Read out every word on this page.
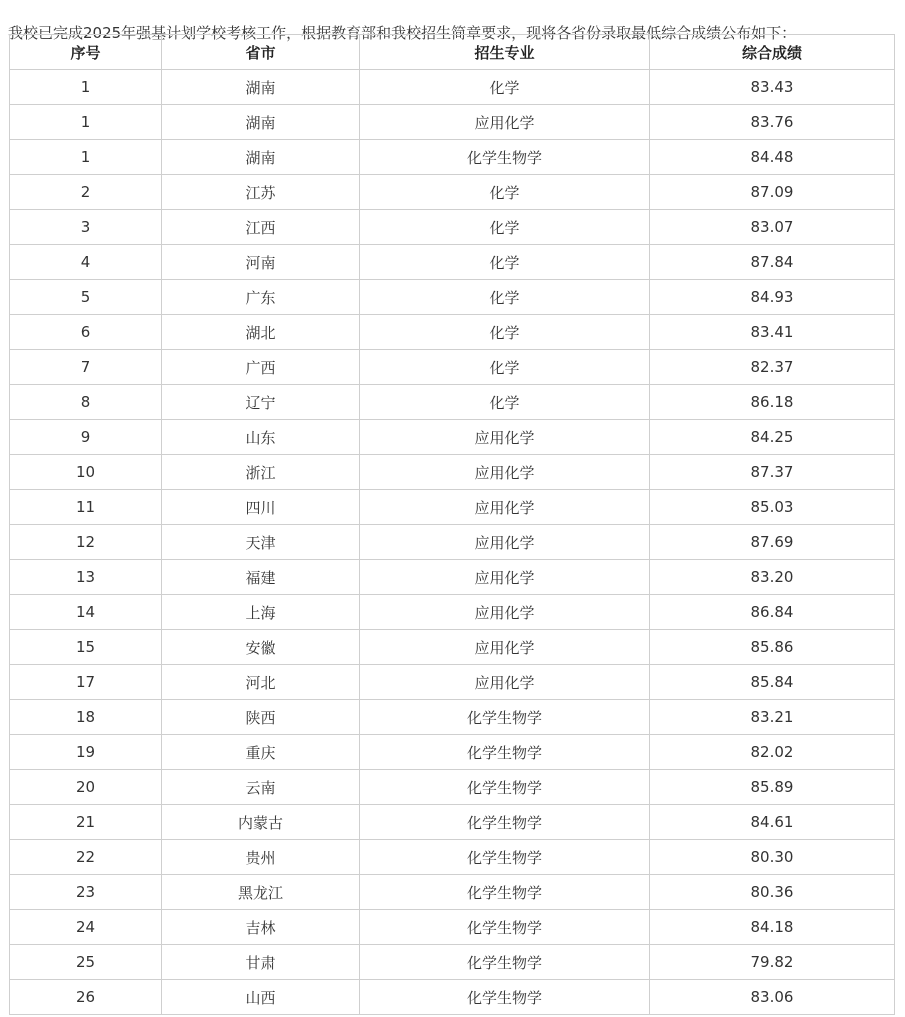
我校已完成2025年强基计划学校考核工作，根据教育部和我校招生简章要求，现将各省份录取最低综合成绩公布如下：

序号	省市	招生专业	综合成绩
1	湖南	化学	83.43
1	湖南	应用化学	83.76
1	湖南	化学生物学	84.48
2	江苏	化学	87.09
3	江西	化学	83.07
4	河南	化学	87.84
5	广东	化学	84.93
6	湖北	化学	83.41
7	广西	化学	82.37
8	辽宁	化学	86.18
9	山东	应用化学	84.25
10	浙江	应用化学	87.37
11	四川	应用化学	85.03
12	天津	应用化学	87.69
13	福建	应用化学	83.20
14	上海	应用化学	86.84
15	安徽	应用化学	85.86
17	河北	应用化学	85.84
18	陕西	化学生物学	83.21
19	重庆	化学生物学	82.02
20	云南	化学生物学	85.89
21	内蒙古	化学生物学	84.61
22	贵州	化学生物学	80.30
23	黑龙江	化学生物学	80.36
24	吉林	化学生物学	84.18
25	甘肃	化学生物学	79.82
26	山西	化学生物学	83.06
